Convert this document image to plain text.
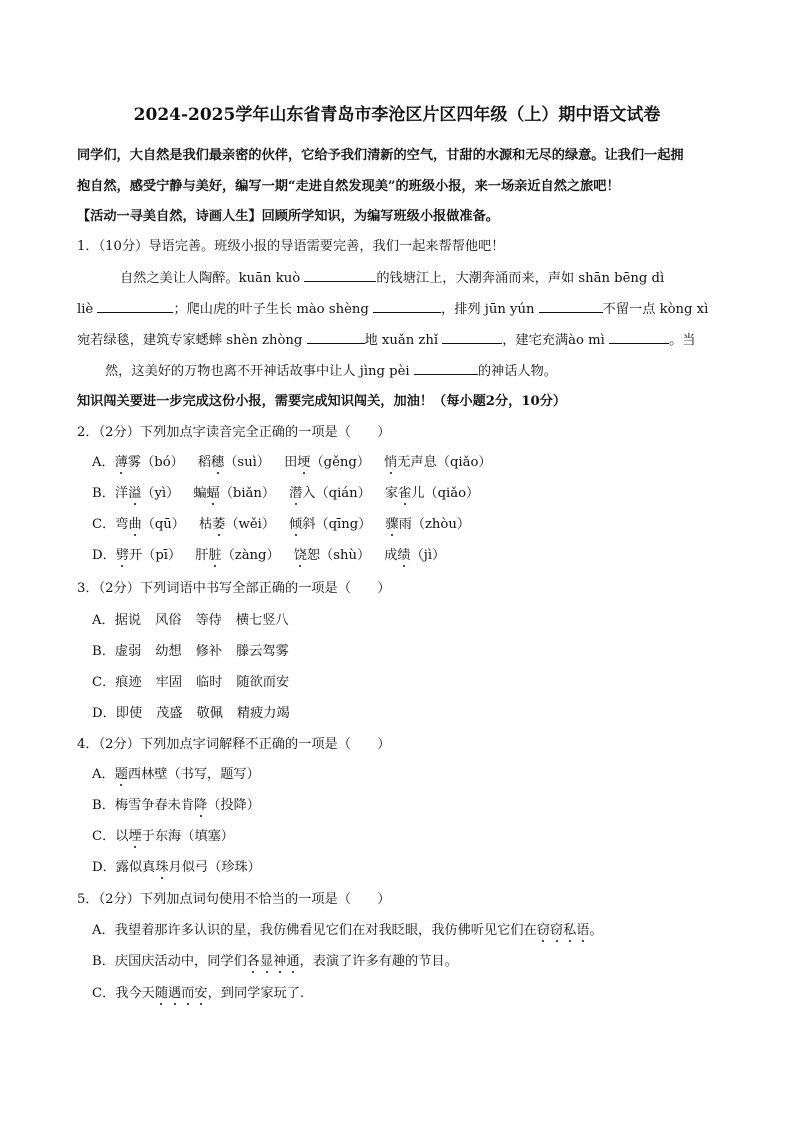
2024-2025学年山东省青岛市李沧区片区四年级（上）期中语文试卷
同学们，大自然是我们最亲密的伙伴，它给予我们清新的空气，甘甜的水源和无尽的绿意。让我们一起拥
抱自然，感受宁静与美好，编写一期“走进自然发现美”的班级小报，来一场亲近自然之旅吧！
【活动一寻美自然，诗画人生】回顾所学知识，为编写班级小报做准备。
1．（10分）导语完善。班级小报的导语需要完善，我们一起来帮帮他吧！
自然之美让人陶醉。kuān kuò	的钱塘江上，大潮奔涌而来，声如 shān bēng dì
liè	；爬山虎的叶子生长 mào shèng	，排列 jūn yún	不留一点 kòng xì
宛若绿毯，建筑专家蟋蟀 shèn zhòng	地 xuǎn zhǐ	，建宅充满ào mì	。当
然，这美好的万物也离不开神话故事中让人 jìng pèi	的神话人物。
知识闯关要进一步完成这份小报，需要完成知识闯关，加油！（每小题2分，10分）
2．（2分）下列加点字读音完全正确的一项是（　　）
A．薄雾（bó） 稻穗（suì） 田埂（gěng） 悄无声息（qiǎo）
B．洋溢（yì） 蝙蝠（biǎn） 潜入（qián） 家雀儿（qiǎo）
C．弯曲（qū） 枯萎（wěi） 倾斜（qīng） 骤雨（zhòu）
D．劈开（pī） 肝脏（zàng） 饶恕（shù） 成绩（jì）
3．（2分）下列词语中书写全部正确的一项是（　　）
A．据说 风俗 等侍 横七竖八
B．虚弱 幼想 修补 滕云驾雾
C．痕迹 牢固 临时 随欲而安
D．即使 茂盛 敬佩 精疲力竭
4．（2分）下列加点字词解释不正确的一项是（　　）
A．题西林壁（书写，题写）
B．梅雪争春未肯降（投降）
C．以堙于东海（填塞）
D．露似真珠月似弓（珍珠）
5．（2分）下列加点词句使用不恰当的一项是（　　）
A．我望着那许多认识的星，我仿佛看见它们在对我眨眼，我仿佛听见它们在窃窃私语。
B．庆国庆活动中，同学们各显神通，表演了许多有趣的节目。
C．我今天随遇而安，到同学家玩了.
